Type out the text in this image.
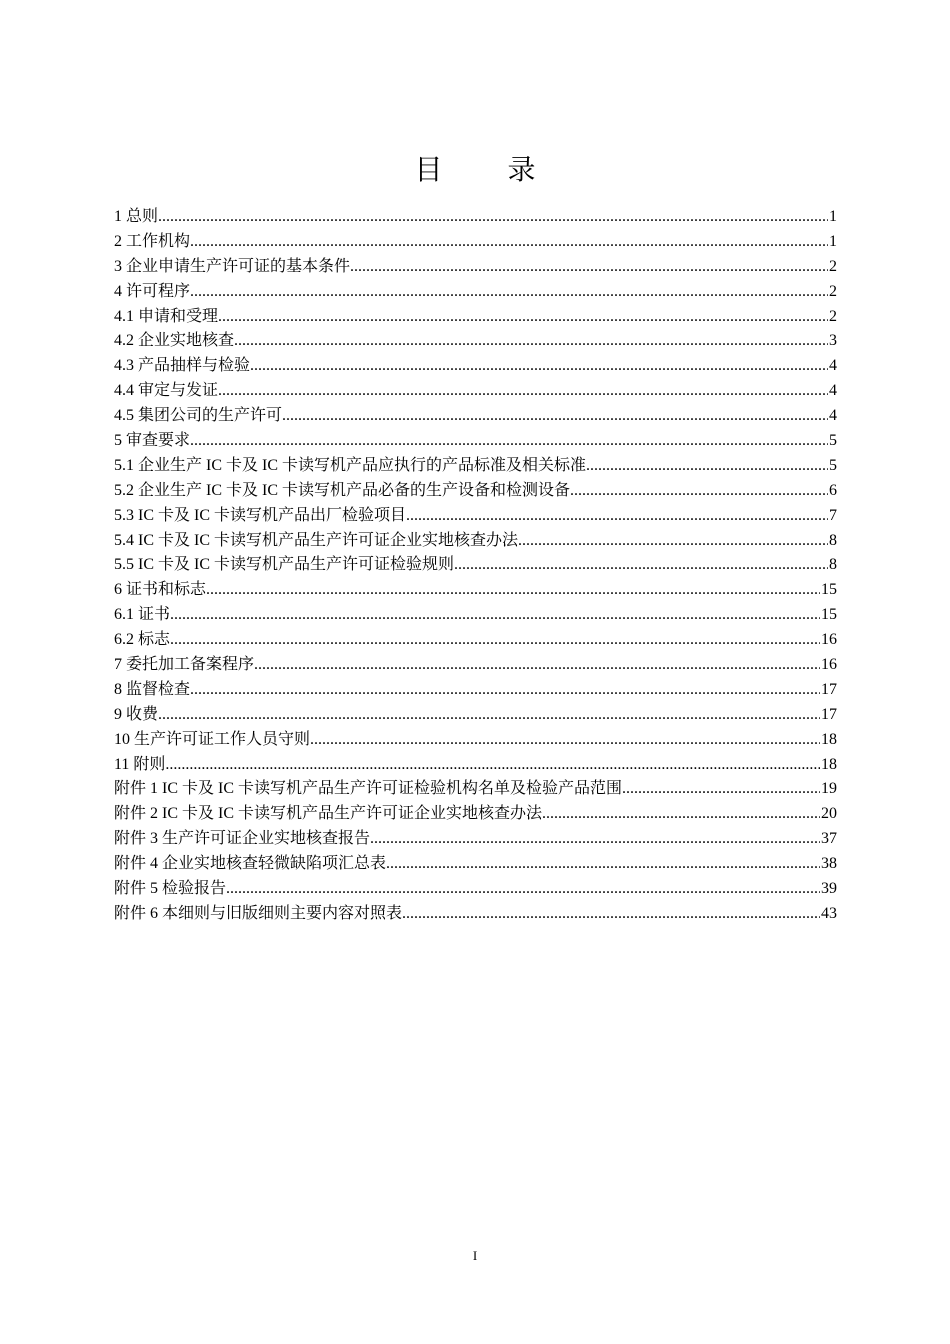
目 录
1 总则 .....	1
2 工作机构 .....	1
3 企业申请生产许可证的基本条件 .....	2
4 许可程序 .....	2
4.1 申请和受理 .....	2
4.2 企业实地核查 .....	3
4.3 产品抽样与检验 .....	4
4.4 审定与发证 .....	4
4.5 集团公司的生产许可 .....	4
5 审查要求 .....	5
5.1 企业生产 IC 卡及 IC 卡读写机产品应执行的产品标准及相关标准 .....	5
5.2 企业生产 IC 卡及 IC 卡读写机产品必备的生产设备和检测设备 .....	6
5.3 IC 卡及 IC 卡读写机产品出厂检验项目 .....	7
5.4 IC 卡及 IC 卡读写机产品生产许可证企业实地核查办法 .....	8
5.5 IC 卡及 IC 卡读写机产品生产许可证检验规则 .....	8
6 证书和标志 .....	15
6.1 证书 .....	15
6.2 标志 .....	16
7 委托加工备案程序 .....	16
8 监督检查 .....	17
9 收费 .....	17
10 生产许可证工作人员守则 .....	18
11 附则 .....	18
附件 1 IC 卡及 IC 卡读写机产品生产许可证检验机构名单及检验产品范围 .....	19
附件 2 IC 卡及 IC 卡读写机产品生产许可证企业实地核查办法 .....	20
附件 3 生产许可证企业实地核查报告 .....	37
附件 4 企业实地核查轻微缺陷项汇总表 .....	38
附件 5 检验报告 .....	39
附件 6 本细则与旧版细则主要内容对照表 .....	43
I
